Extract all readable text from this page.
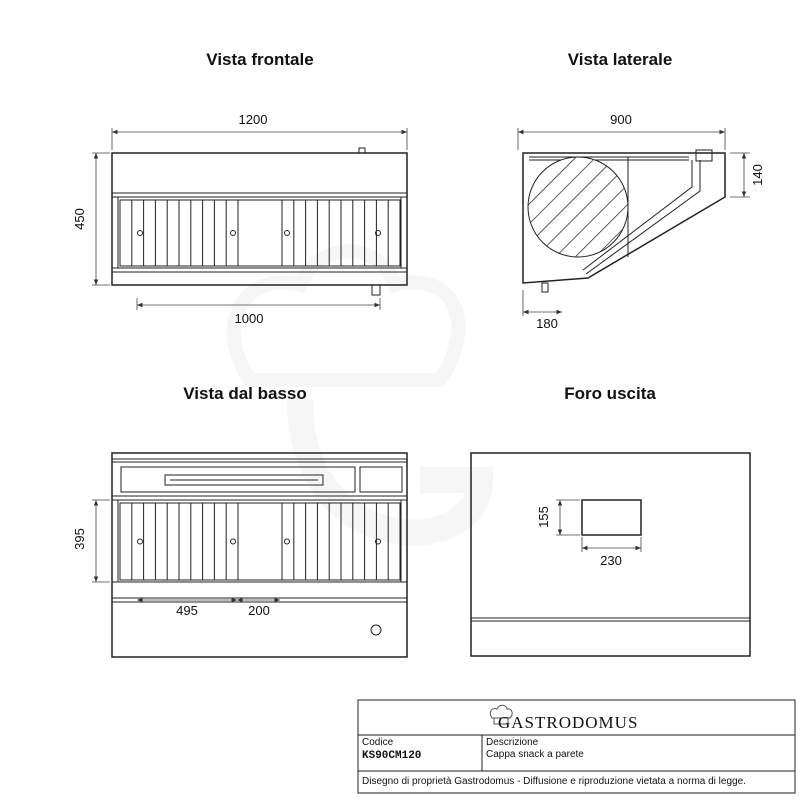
1200
450
1000
900
140
180
395
495	200
155
230
Vista frontale	Vista laterale
Vista dal basso	Foro uscita
GASTRODOMUS
Codice
KS90CM120
Descrizione
Cappa snack a parete
Disegno di proprietà Gastrodomus - Diffusione e riproduzione vietata a norma di legge.
